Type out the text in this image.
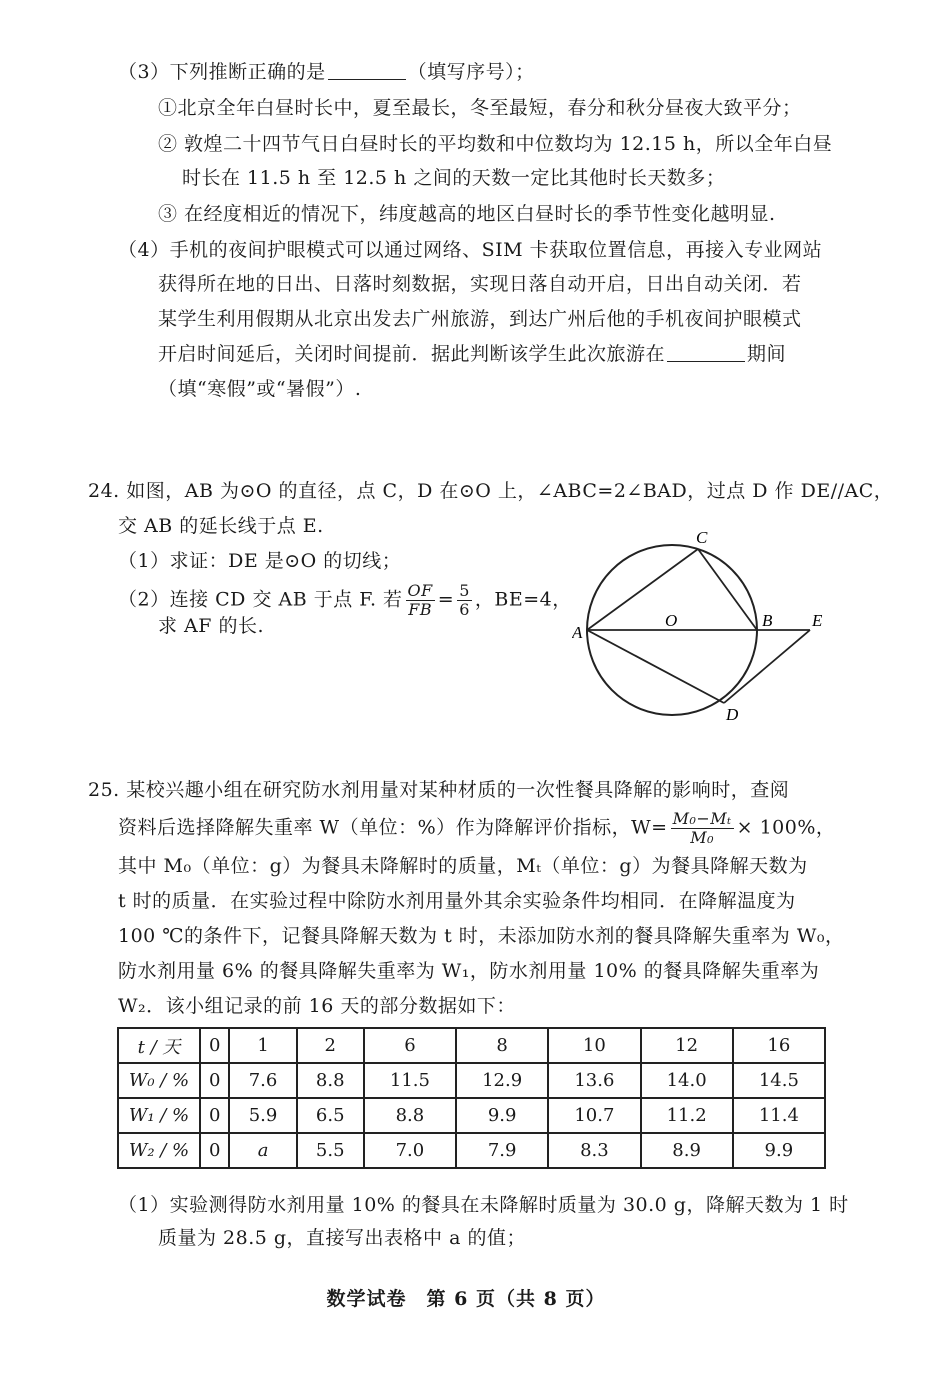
（3）下列推断正确的是	（填写序号）；
①北京全年白昼时长中，夏至最长，冬至最短，春分和秋分昼夜大致平分；
② 敦煌二十四节气日白昼时长的平均数和中位数均为 12.15 h，所以全年白昼
时长在 11.5 h 至 12.5 h 之间的天数一定比其他时长天数多；
③ 在经度相近的情况下，纬度越高的地区白昼时长的季节性变化越明显.
（4）手机的夜间护眼模式可以通过网络、SIM 卡获取位置信息，再接入专业网站
获得所在地的日出、日落时刻数据，实现日落自动开启，日出自动关闭．若
某学生利用假期从北京出发去广州旅游，到达广州后他的手机夜间护眼模式
开启时间延后，关闭时间提前．据此判断该学生此次旅游在	期间
（填“寒假”或“暑假”）.
24. 如图，AB 为⊙O 的直径，点 C，D 在⊙O 上，∠ABC=2∠BAD，过点 D 作 DE//AC，
交 AB 的延长线于点 E.
（1）求证：DE 是⊙O 的切线；
（2）连接 CD 交 AB 于点 F. 若 $\frac{OF}{FB} = \frac{5}{6}$ ，BE=4，
求 AF 的长.	A
C
O	B E
D
25. 某校兴趣小组在研究防水剂用量对某种材质的一次性餐具降解的影响时，查阅
资料后选择降解失重率 W（单位：%）作为降解评价指标，$W= \frac{\text{M₀−Mₜ}}{\text{M₀}} \times 100\%$，
其中 M₀（单位：g）为餐具未降解时的质量，Mₜ（单位：g）为餐具降解天数为
t 时的质量．在实验过程中除防水剂用量外其余实验条件均相同．在降解温度为
100 ℃的条件下，记餐具降解天数为 t 时，未添加防水剂的餐具降解失重率为 W₀，
防水剂用量 6% 的餐具降解失重率为 W₁，防水剂用量 10% 的餐具降解失重率为
W₂．该小组记录的前 16 天的部分数据如下：
t / 天	0	1	2	6	8	10	12	16
W₀ / %	0	7.6	8.8	11.5	12.9	13.6	14.0	14.5
W₁ / %	0	5.9	6.5	8.8	9.9	10.7	11.2	11.4
W₂ / %	0	a	5.5	7.0	7.9	8.3	8.9	9.9
（1）实验测得防水剂用量 10% 的餐具在未降解时质量为 30.0 g，降解天数为 1 时
质量为 28.5 g，直接写出表格中 a 的值；
数学试卷　第 6 页（共 8 页）
